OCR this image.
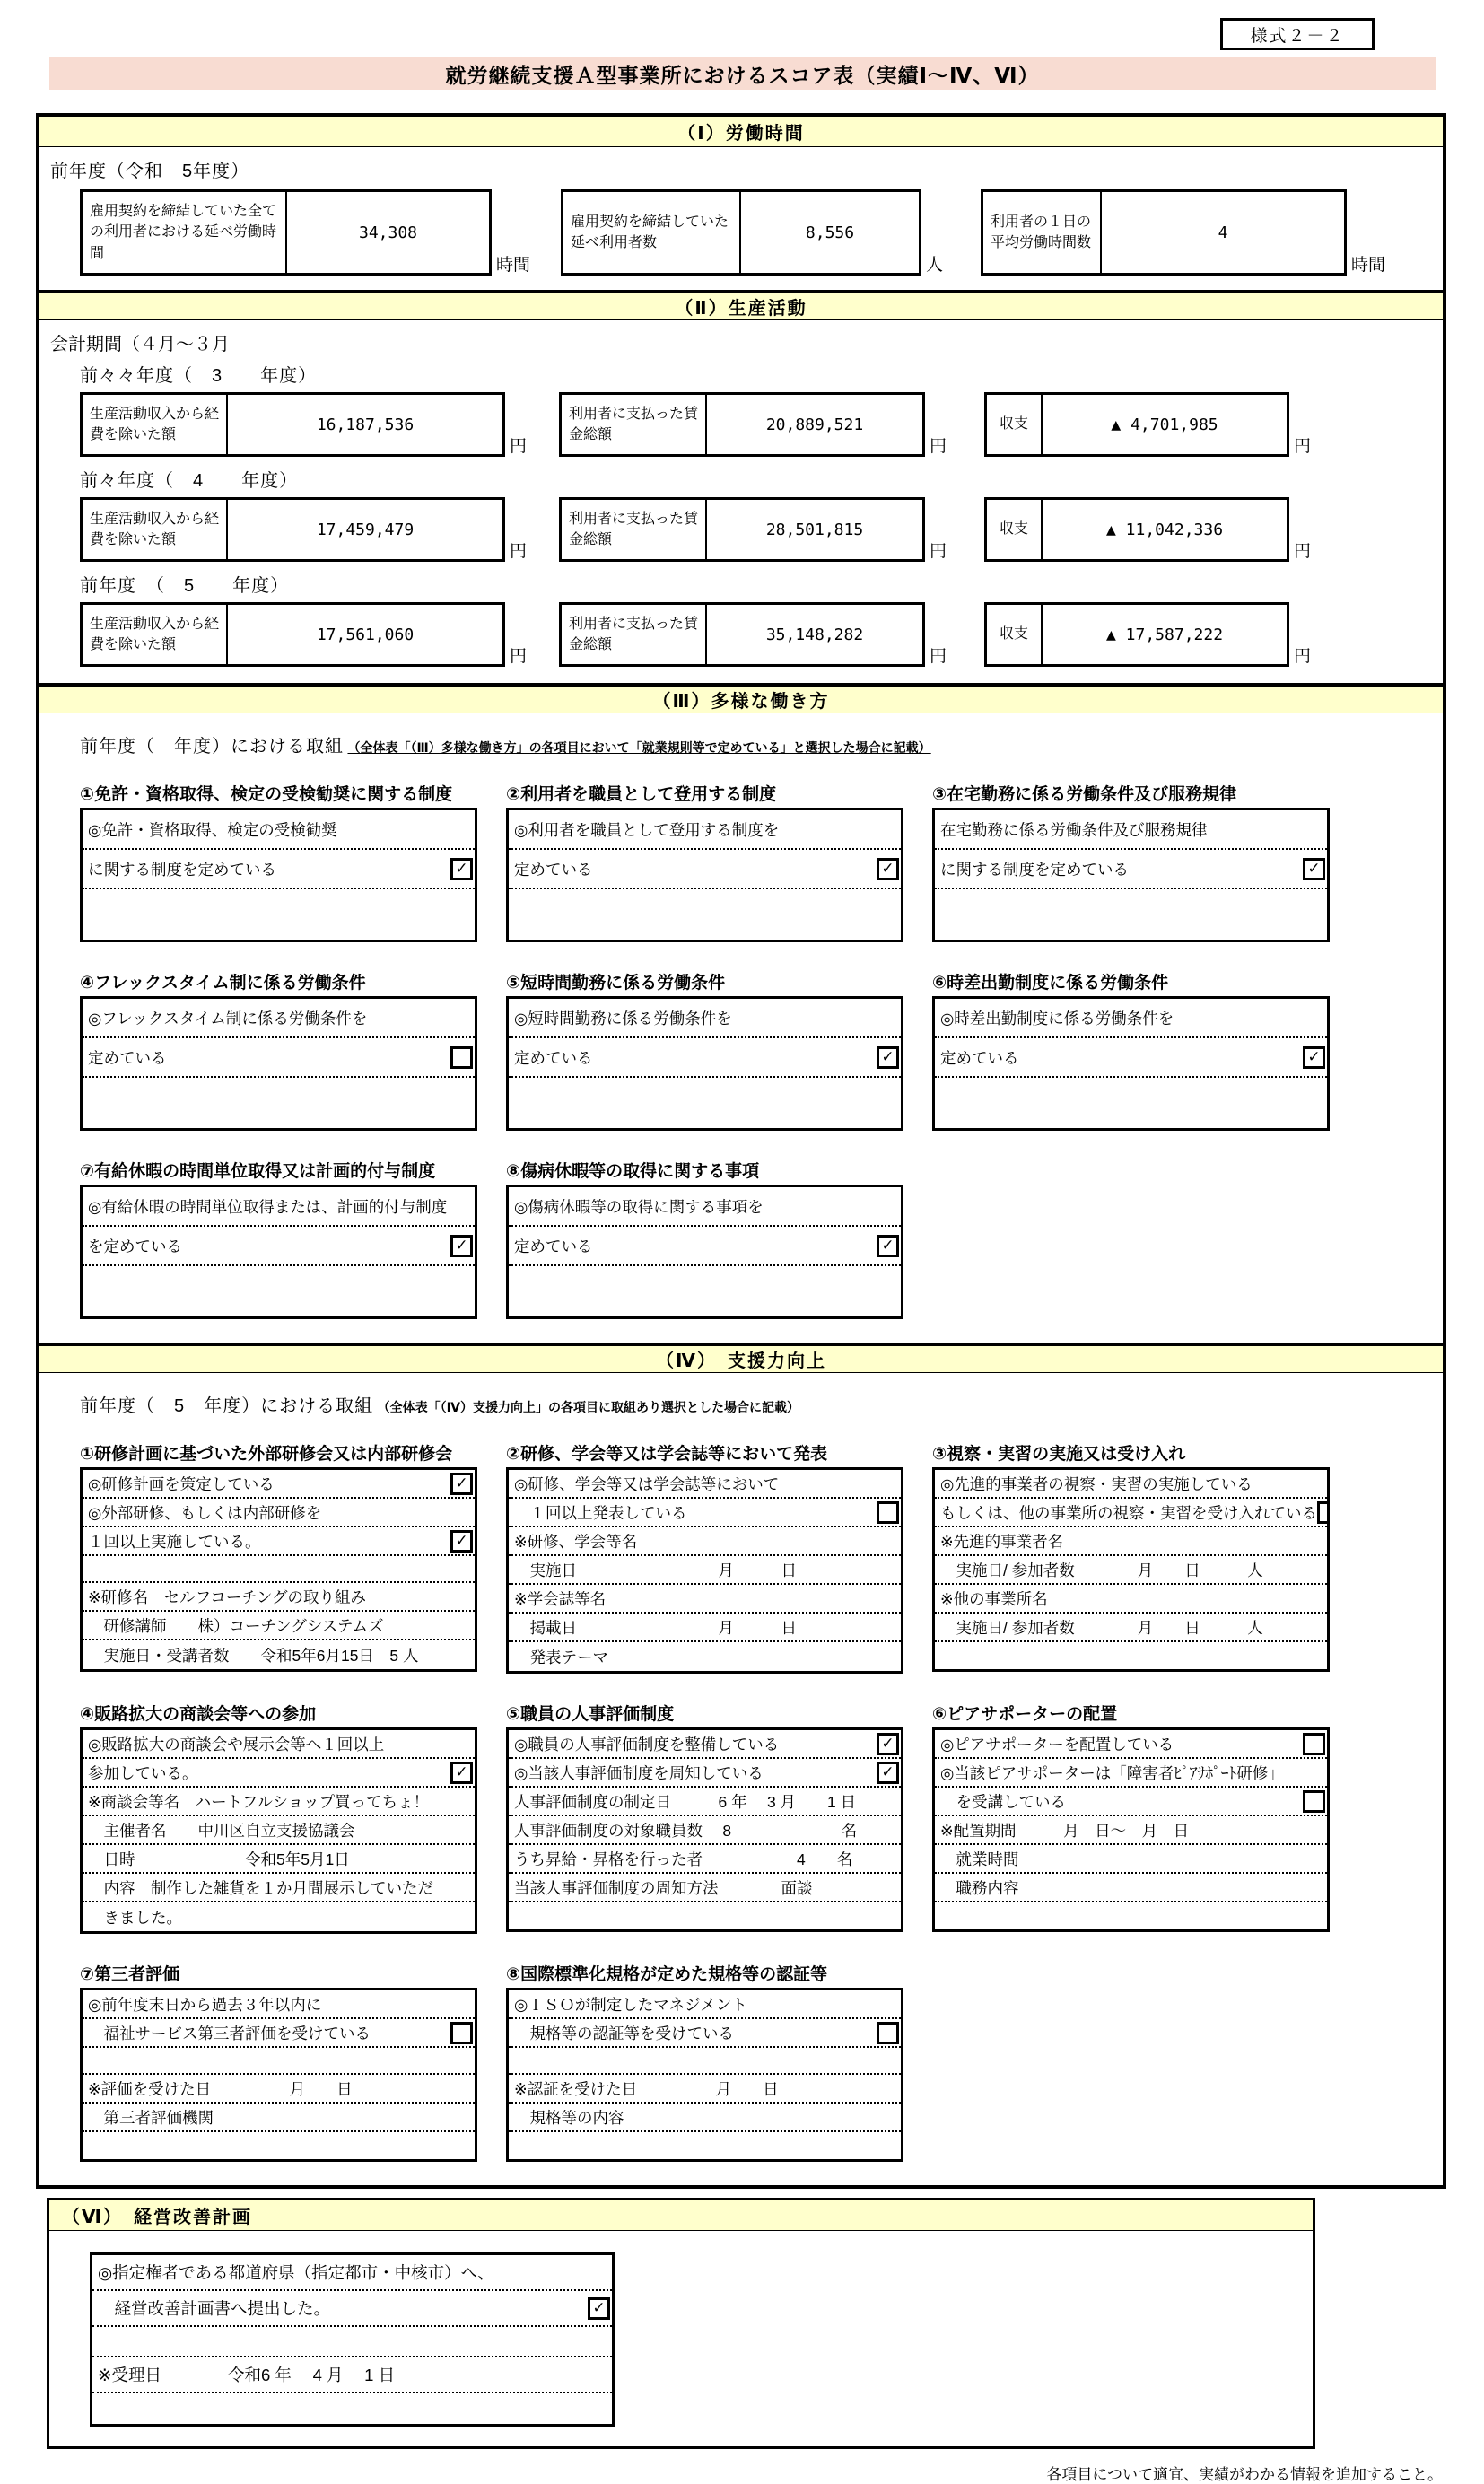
様式２－２
就労継続支援Ａ型事業所におけるスコア表（実績Ⅰ～Ⅳ、Ⅵ）
（Ⅰ）労働時間
前年度（令和　5年度）
雇用契約を締結していた全ての利用者における延べ労働時間
34,308
時間
雇用契約を締結していた延べ利用者数
8,556
人
利用者の１日の平均労働時間数
4
時間
（Ⅱ）生産活動
会計期間（４月～３月
前々々年度（　3　　年度）
生産活動収入から経費を除いた額
16,187,536
円
利用者に支払った賃金総額
20,889,521
円
収支	▲ 4,701,985
円
前々年度（　4　　年度）
生産活動収入から経費を除いた額
17,459,479
円
利用者に支払った賃金総額
28,501,815
円
収支	▲ 11,042,336
円
前年度　（　5　　年度）
生産活動収入から経費を除いた額
17,561,060
円
利用者に支払った賃金総額
35,148,282
円
収支	▲ 17,587,222
円
（Ⅲ）多様な働き方
前年度（　年度）における取組 （全体表「（Ⅲ）多様な働き方」の各項目において「就業規則等で定めている」と選択した場合に記載）
①免許・資格取得、検定の受検勧奨に関する制度
◎免許・資格取得、検定の受検勧奨
に関する制度を定めている	✓
②利用者を職員として登用する制度
◎利用者を職員として登用する制度を
定めている	✓
③在宅勤務に係る労働条件及び服務規律
在宅勤務に係る労働条件及び服務規律
に関する制度を定めている	✓
④フレックスタイム制に係る労働条件
◎フレックスタイム制に係る労働条件を
定めている
⑤短時間勤務に係る労働条件
◎短時間勤務に係る労働条件を
定めている	✓
⑥時差出勤制度に係る労働条件
◎時差出勤制度に係る労働条件を
定めている	✓
⑦有給休暇の時間単位取得又は計画的付与制度
◎有給休暇の時間単位取得または、計画的付与制度
を定めている	✓
⑧傷病休暇等の取得に関する事項
◎傷病休暇等の取得に関する事項を
定めている	✓
（Ⅳ）　支援力向上
前年度（　5　年度）における取組 （全体表「（Ⅳ）支援力向上」の各項目に取組あり選択とした場合に記載）
①研修計画に基づいた外部研修会又は内部研修会
◎研修計画を策定している	✓
◎外部研修、もしくは内部研修を
１回以上実施している。	✓
※研修名　セルフコーチングの取り組み
　研修講師　　株）コーチングシステムズ
　実施日・受講者数　　令和5年6月15日　5 人
②研修、学会等又は学会誌等において発表
◎研修、学会等又は学会誌等において
　１回以上発表している
※研修、学会等名
　実施日　　　　　　　　　月　　　日
※学会誌等名
　掲載日　　　　　　　　　月　　　日
　発表テーマ
③視察・実習の実施又は受け入れ
◎先進的事業者の視察・実習の実施している
もしくは、他の事業所の視察・実習を受け入れている
※先進的事業者名
　実施日/ 参加者数　　　　月　　日　　　人
※他の事業所名
　実施日/ 参加者数　　　　月　　日　　　人
④販路拡大の商談会等への参加
◎販路拡大の商談会や展示会等へ１回以上
参加している。	✓
※商談会等名　ハートフルショップ買ってちょ！
　主催者名　　中川区自立支援協議会
　日時　　　　　　　令和5年5月1日
　内容　制作した雑貨を１か月間展示していただ
　きました。
⑤職員の人事評価制度
◎職員の人事評価制度を整備している	✓
◎当該人事評価制度を周知している	✓
人事評価制度の制定日　　　6 年　 3 月　　1 日
人事評価制度の対象職員数　 8　　　　　　　名
うち昇給・昇格を行った者　　　　　　4　　名
当該人事評価制度の周知方法　　　　面談
⑥ピアサポーターの配置
◎ピアサポーターを配置している
◎当該ピアサポーターは「障害者ﾋﾟｱｻﾎﾟｰﾄ研修」
　を受講している
※配置期間　　　月　日～　月　日
　就業時間
　職務内容
⑦第三者評価
◎前年度末日から過去３年以内に
　福祉サービス第三者評価を受けている
※評価を受けた日　　　　　月　　日
　第三者評価機関
⑧国際標準化規格が定めた規格等の認証等
◎ＩＳＯが制定したマネジメント
　規格等の認証等を受けている
※認証を受けた日　　　　　月　　日
　規格等の内容
（Ⅵ）　経営改善計画
◎指定権者である都道府県（指定都市・中核市）へ、
　経営改善計画書へ提出した。	✓
※受理日　　　　令和6 年　 4 月　 1 日
各項目について適宜、実績がわかる情報を追加すること。
